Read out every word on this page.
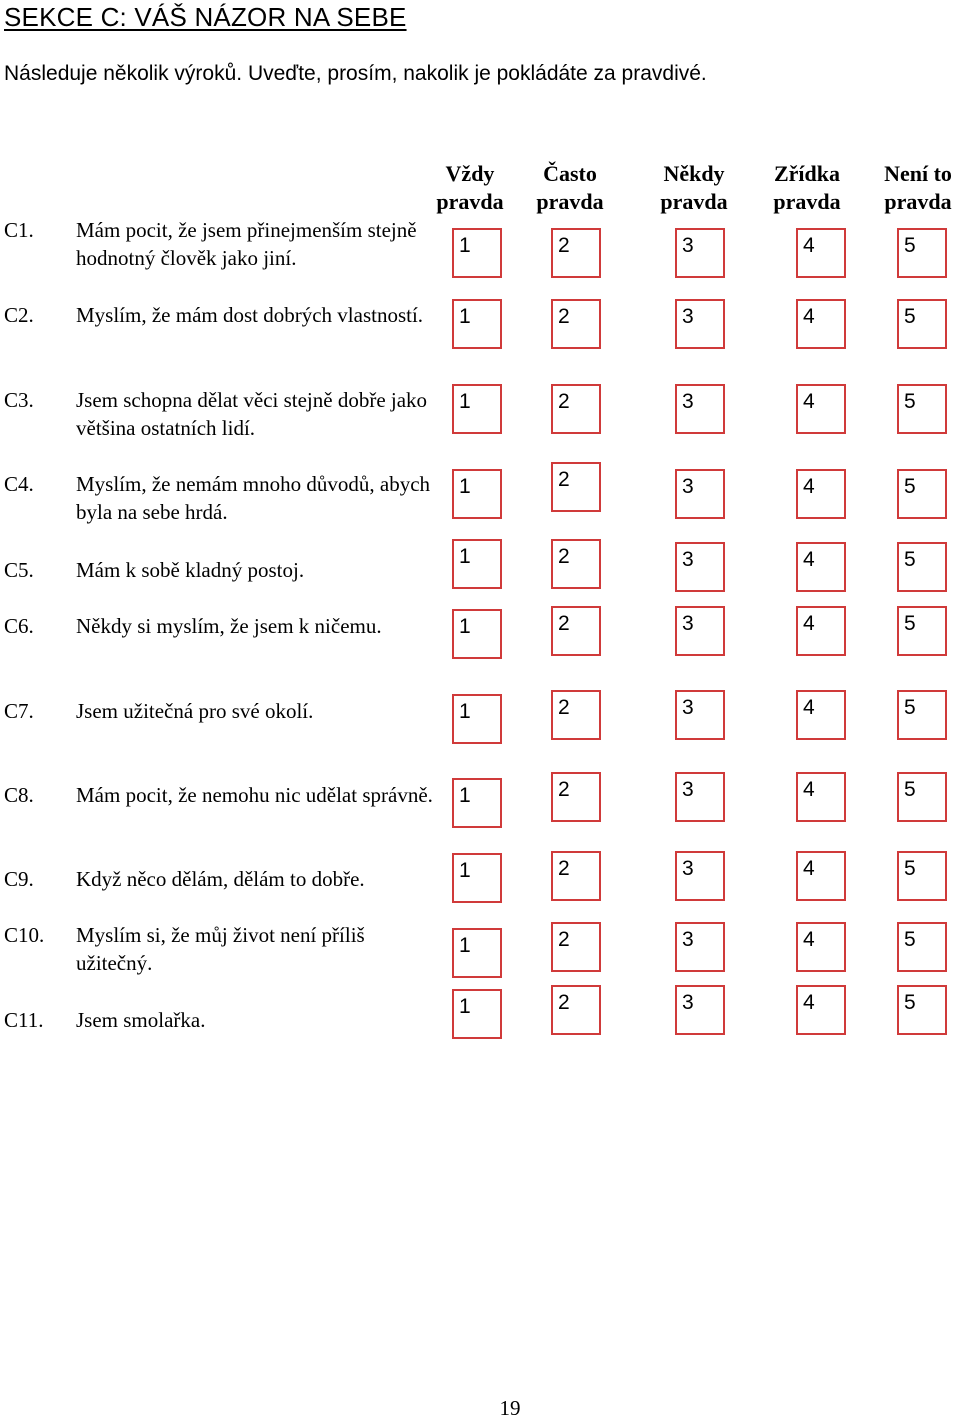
SEKCE C: VÁŠ NÁZOR NA SEBE
Následuje několik výroků. Uveďte, prosím, nakolik je pokládáte za pravdivé.
Vždy
pravda
Často
pravda
Někdy
pravda
Zřídka
pravda
Není to
pravda
C1. Mám pocit, že jsem přinejmenším stejně hodnotný člověk jako jiní.
1	2	3	4	5
C2. Myslím, že mám dost dobrých vlastností.	1	2	3	4	5
C3. Jsem schopna dělat věci stejně dobře jako většina ostatních lidí.
1	2	3	4	5
C4. Myslím, že nemám mnoho důvodů, abych byla na sebe hrdá.
1	2	3	4	5
C5. Mám k sobě kladný postoj.
1	2	3	4	5
C6. Někdy si myslím, že jsem k ničemu.	1	2	3	4	5
C7. Jsem užitečná pro své okolí.	1	2	3	4	5
C8. Mám pocit, že nemohu nic udělat správně. 1	2	3	4	5
C9. Když něco dělám, dělám to dobře.	1	2	3	4	5
C10. Myslím si, že můj život není příliš užitečný.
1	2	3	4	5
C11. Jsem smolařka.
1	2	3	4	5
19
